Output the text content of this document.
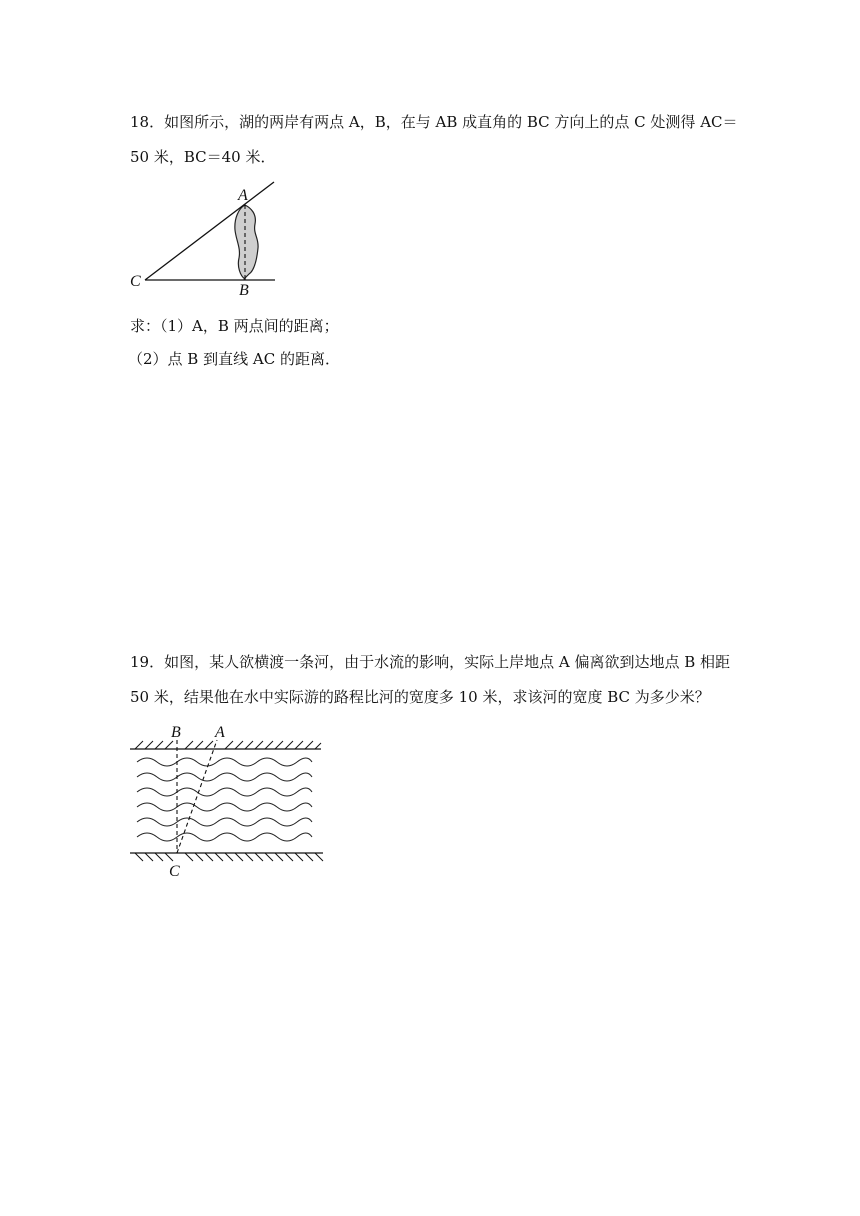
18．如图所示，湖的两岸有两点 A，B，在与 AB 成直角的 BC 方向上的点 C 处测得 AC＝
50 米，BC＝40 米．
A
B
C
求：（1）A，B 两点间的距离；
（2）点 B 到直线 AC 的距离．
19．如图，某人欲横渡一条河，由于水流的影响，实际上岸地点 A 偏离欲到达地点 B 相距
50 米，结果他在水中实际游的路程比河的宽度多 10 米，求该河的宽度 BC 为多少米？
B A
C
